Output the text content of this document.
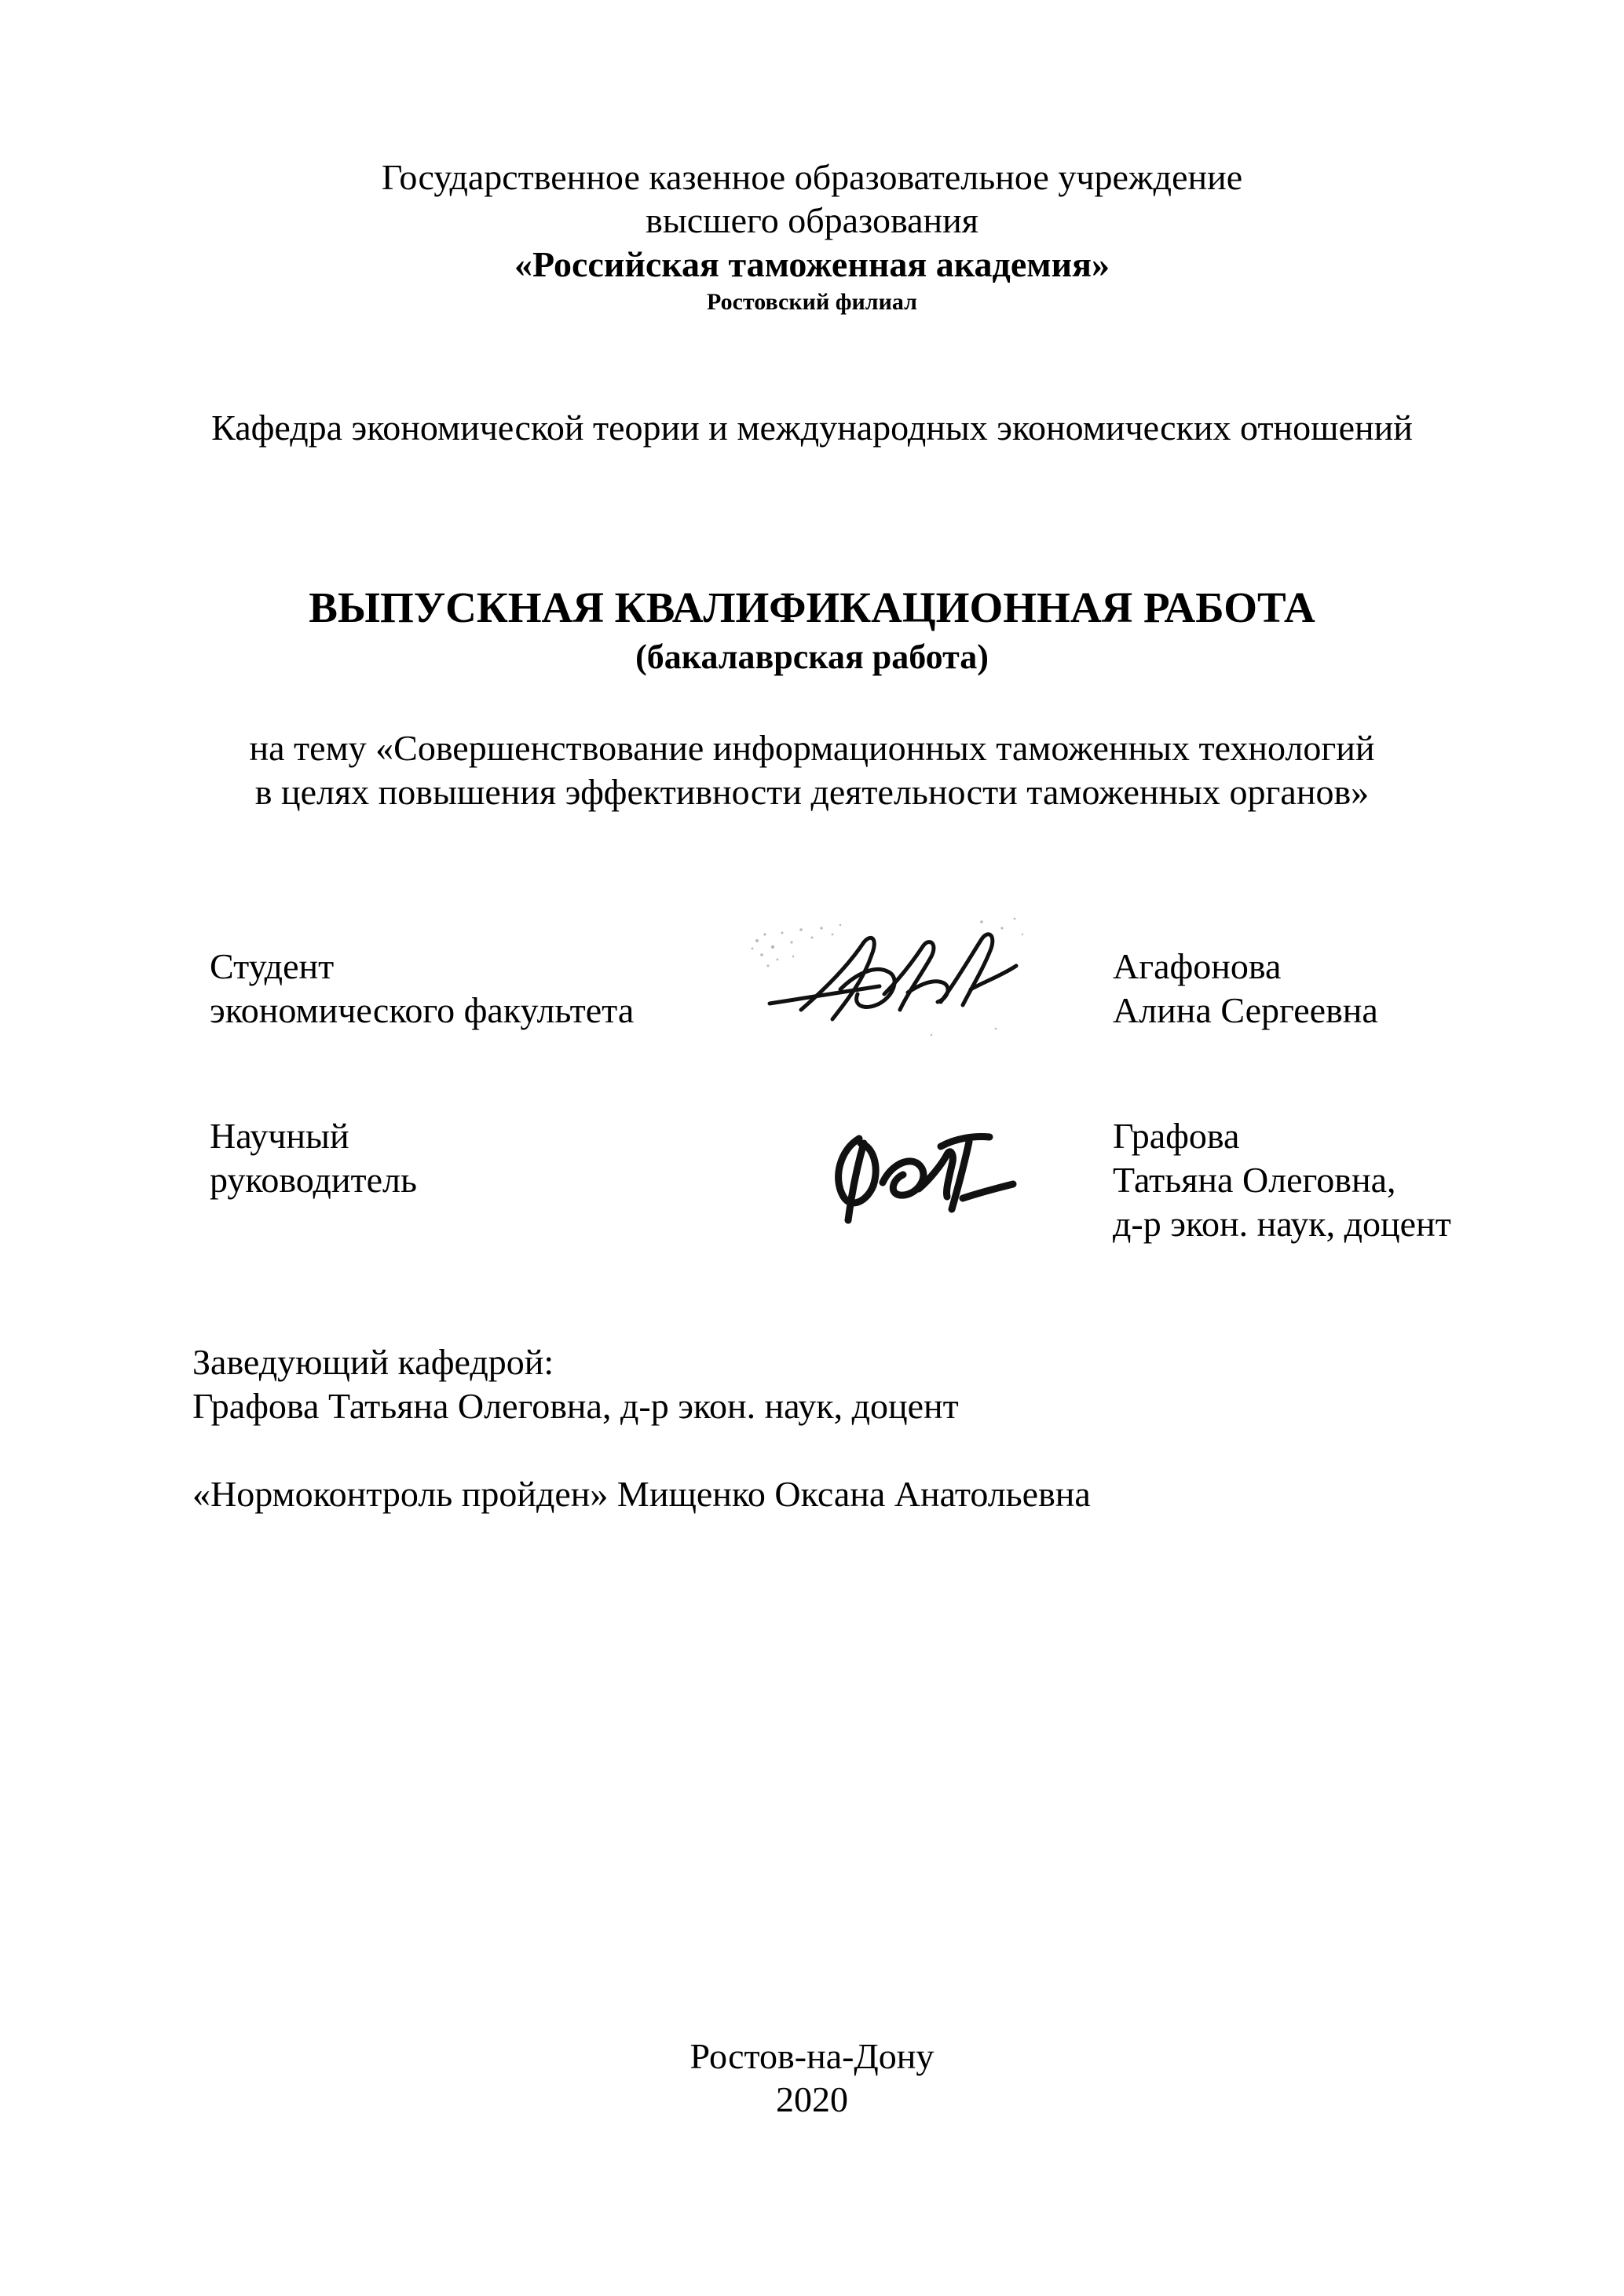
Государственное казенное образовательное учреждение
высшего образования
«Российская таможенная академия»
Ростовский филиал
Кафедра экономической теории и международных экономических отношений
ВЫПУСКНАЯ КВАЛИФИКАЦИОННАЯ РАБОТА
(бакалаврская работа)
на тему «Совершенствование информационных таможенных технологий
в целях повышения эффективности деятельности таможенных органов»
Студент
экономического факультета
Агафонова
Алина Сергеевна
Научный
руководитель
Графова
Татьяна Олеговна,
д-р экон. наук, доцент
Заведующий кафедрой:
Графова Татьяна Олеговна, д-р экон. наук, доцент
«Нормоконтроль пройден» Мищенко Оксана Анатольевна
Ростов-на-Дону
2020
